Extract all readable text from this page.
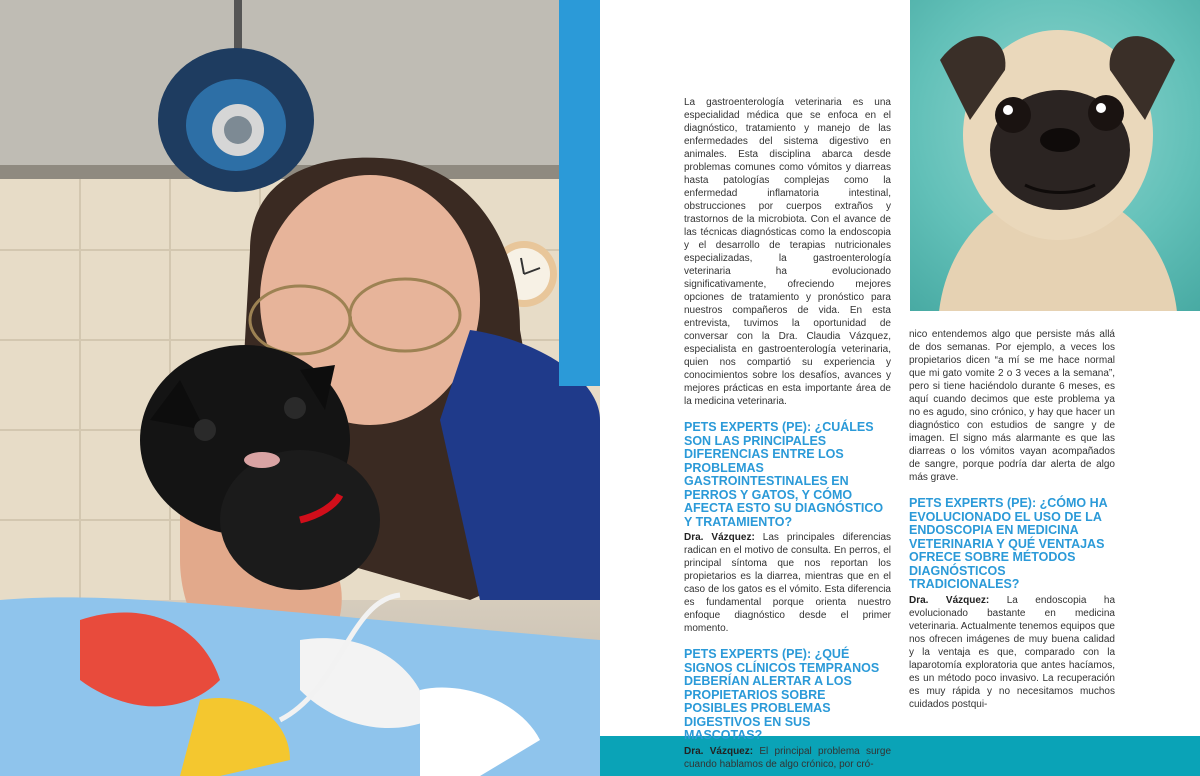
La gastroenterología veterinaria es una especialidad médica que se enfoca en el diagnóstico, tratamiento y manejo de las enfermedades del sistema digestivo en animales. Esta disciplina abarca desde problemas comunes como vómitos y diarreas hasta patologías complejas como la enfermedad inflamatoria intestinal, obstrucciones por cuerpos extraños y trastornos de la microbiota. Con el avance de las técnicas diagnósticas como la endoscopia y el desarrollo de terapias nutricionales especializadas, la gastroenterología veterinaria ha evolucionado significativamente, ofreciendo mejores opciones de tratamiento y pronóstico para nuestros compañeros de vida. En esta entrevista, tuvimos la oportunidad de conversar con la Dra. Claudia Vázquez, especialista en gastroenterología veterinaria, quien nos compartió su experiencia y conocimientos sobre los desafíos, avances y mejores prácticas en esta importante área de la medicina veterinaria.

PETS EXPERTS (PE): ¿CUÁLES SON LAS PRINCIPALES DIFERENCIAS ENTRE LOS PROBLEMAS GASTROINTESTINALES EN PERROS Y GATOS, Y CÓMO AFECTA ESTO SU DIAGNÓSTICO Y TRATAMIENTO?

Dra. Vázquez: Las principales diferencias radican en el motivo de consulta. En perros, el principal síntoma que nos reportan los propietarios es la diarrea, mientras que en el caso de los gatos es el vómito. Esta diferencia es fundamental porque orienta nuestro enfoque diagnóstico desde el primer momento.

PETS EXPERTS (PE): ¿QUÉ SIGNOS CLÍNICOS TEMPRANOS DEBERÍAN ALERTAR A LOS PROPIETARIOS SOBRE POSIBLES PROBLEMAS DIGESTIVOS EN SUS MASCOTAS?

Dra. Vázquez: El principal problema surge cuando hablamos de algo crónico, por cró-

nico entendemos algo que persiste más allá de dos semanas. Por ejemplo, a veces los propietarios dicen “a mí se me hace normal que mi gato vomite 2 o 3 veces a la semana”, pero si tiene haciéndolo durante 6 meses, es aquí cuando decimos que este problema ya no es agudo, sino crónico, y hay que hacer un diagnóstico con estudios de sangre y de imagen. El signo más alarmante es que las diarreas o los vómitos vayan acompañados de sangre, porque podría dar alerta de algo más grave.

PETS EXPERTS (PE): ¿CÓMO HA EVOLUCIONADO EL USO DE LA ENDOSCOPIA EN MEDICINA VETERINARIA Y QUÉ VENTAJAS OFRECE SOBRE MÉTODOS DIAGNÓSTICOS TRADICIONALES?

Dra. Vázquez: La endoscopia ha evolucionado bastante en medicina veterinaria. Actualmente tenemos equipos que nos ofrecen imágenes de muy buena calidad y la ventaja es que, comparado con la laparotomía exploratoria que antes hacíamos, es un método poco invasivo. La recuperación es muy rápida y no necesitamos muchos cuidados postqui-
